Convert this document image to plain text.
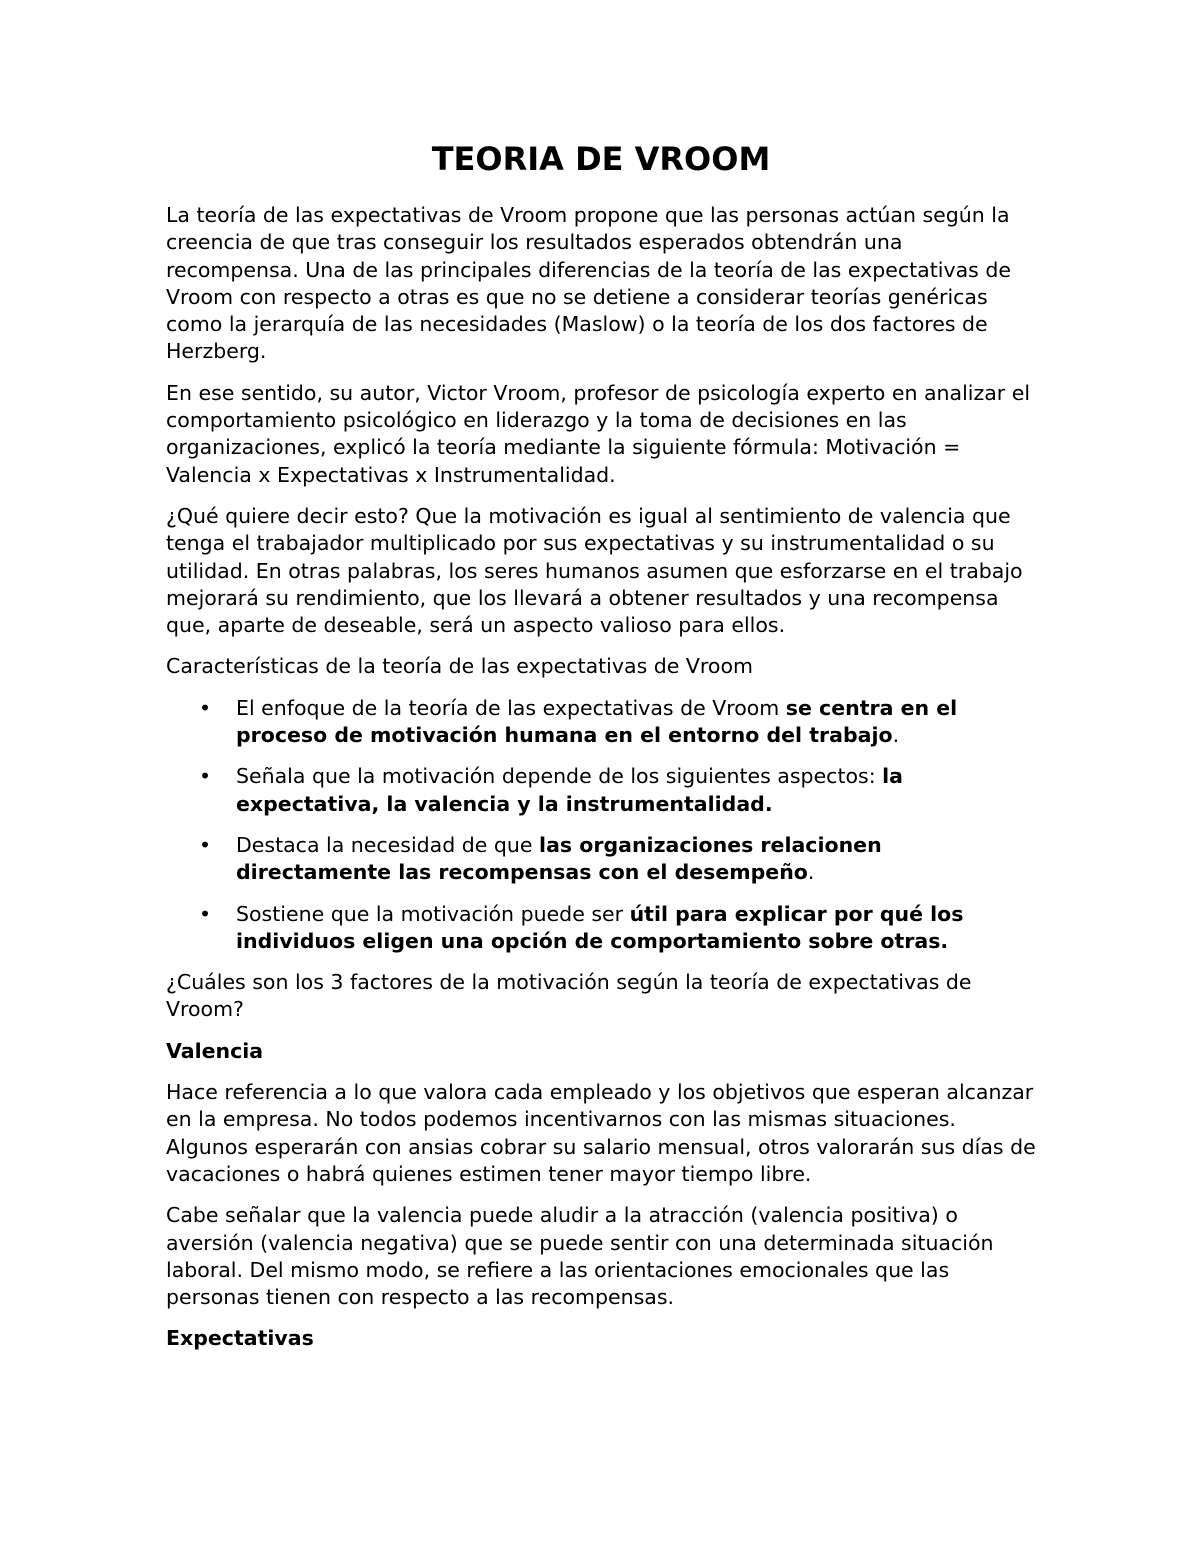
TEORIA DE VROOM

La teoría de las expectativas de Vroom propone que las personas actúan según la creencia de que tras conseguir los resultados esperados obtendrán una recompensa. Una de las principales diferencias de la teoría de las expectativas de Vroom con respecto a otras es que no se detiene a considerar teorías genéricas como la jerarquía de las necesidades (Maslow) o la teoría de los dos factores de Herzberg.

En ese sentido, su autor, Victor Vroom, profesor de psicología experto en analizar el comportamiento psicológico en liderazgo y la toma de decisiones en las organizaciones, explicó la teoría mediante la siguiente fórmula: Motivación = Valencia x Expectativas x Instrumentalidad.

¿Qué quiere decir esto? Que la motivación es igual al sentimiento de valencia que tenga el trabajador multiplicado por sus expectativas y su instrumentalidad o su utilidad. En otras palabras, los seres humanos asumen que esforzarse en el trabajo mejorará su rendimiento, que los llevará a obtener resultados y una recompensa que, aparte de deseable, será un aspecto valioso para ellos.

Características de la teoría de las expectativas de Vroom

• El enfoque de la teoría de las expectativas de Vroom se centra en el proceso de motivación humana en el entorno del trabajo.
• Señala que la motivación depende de los siguientes aspectos: la expectativa, la valencia y la instrumentalidad.
• Destaca la necesidad de que las organizaciones relacionen directamente las recompensas con el desempeño.
• Sostiene que la motivación puede ser útil para explicar por qué los individuos eligen una opción de comportamiento sobre otras.

¿Cuáles son los 3 factores de la motivación según la teoría de expectativas de Vroom?

Valencia

Hace referencia a lo que valora cada empleado y los objetivos que esperan alcanzar en la empresa. No todos podemos incentivarnos con las mismas situaciones. Algunos esperarán con ansias cobrar su salario mensual, otros valorarán sus días de vacaciones o habrá quienes estimen tener mayor tiempo libre.

Cabe señalar que la valencia puede aludir a la atracción (valencia positiva) o aversión (valencia negativa) que se puede sentir con una determinada situación laboral. Del mismo modo, se refiere a las orientaciones emocionales que las personas tienen con respecto a las recompensas.

Expectativas
